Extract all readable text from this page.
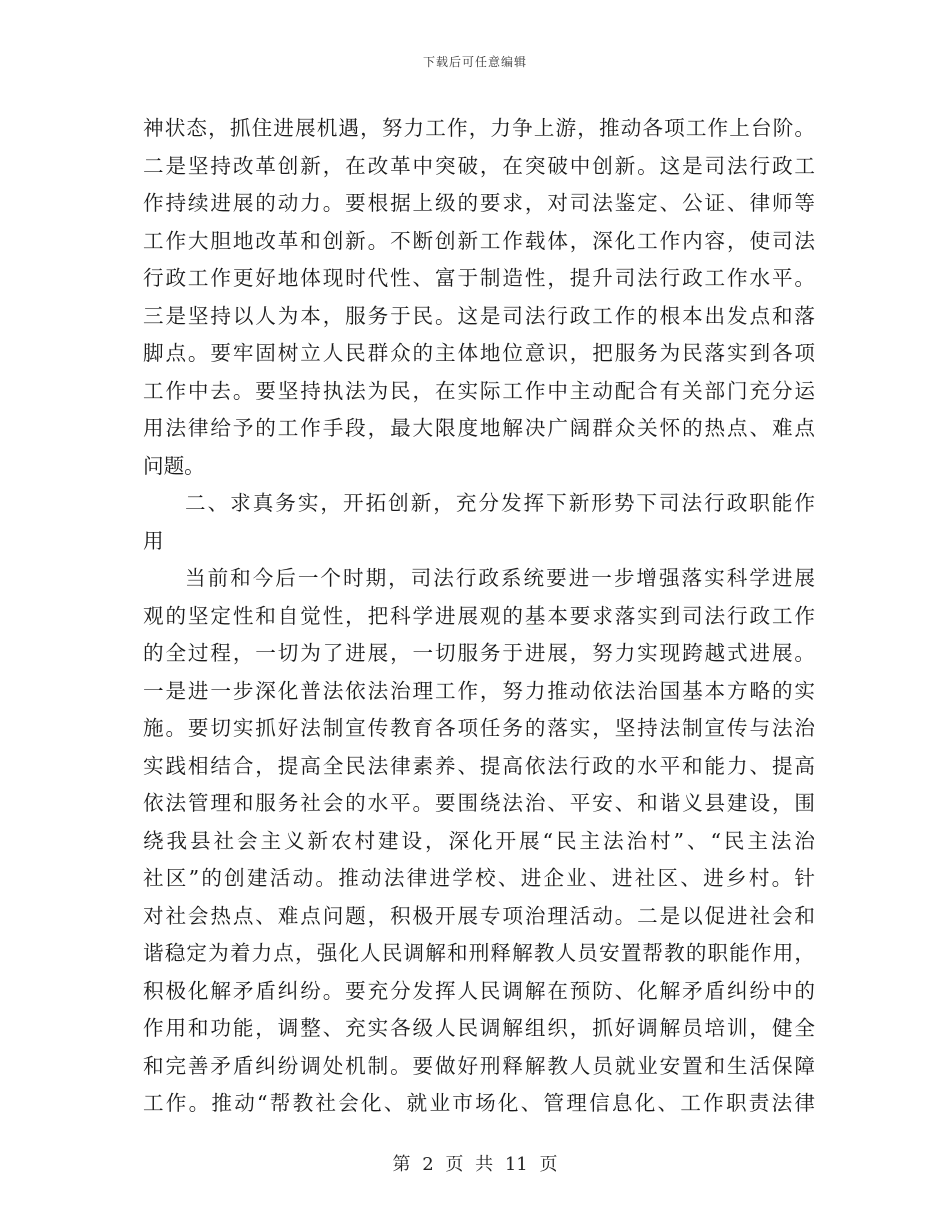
下载后可任意编辑
神状态，抓住进展机遇，努力工作，力争上游，推动各项工作上台阶。
二是坚持改革创新，在改革中突破，在突破中创新。这是司法行政工
作持续进展的动力。要根据上级的要求，对司法鉴定、公证、律师等
工作大胆地改革和创新。不断创新工作载体，深化工作内容，使司法
行政工作更好地体现时代性、富于制造性，提升司法行政工作水平。
三是坚持以人为本，服务于民。这是司法行政工作的根本出发点和落
脚点。要牢固树立人民群众的主体地位意识，把服务为民落实到各项
工作中去。要坚持执法为民，在实际工作中主动配合有关部门充分运
用法律给予的工作手段，最大限度地解决广阔群众关怀的热点、难点
问题。
二、求真务实，开拓创新，充分发挥下新形势下司法行政职能作
用
当前和今后一个时期，司法行政系统要进一步增强落实科学进展
观的坚定性和自觉性，把科学进展观的基本要求落实到司法行政工作
的全过程，一切为了进展，一切服务于进展，努力实现跨越式进展。
一是进一步深化普法依法治理工作，努力推动依法治国基本方略的实
施。要切实抓好法制宣传教育各项任务的落实，坚持法制宣传与法治
实践相结合，提高全民法律素养、提高依法行政的水平和能力、提高
依法管理和服务社会的水平。要围绕法治、平安、和谐义县建设，围
绕我县社会主义新农村建设，深化开展“民主法治村”、“民主法治
社区”的创建活动。推动法律进学校、进企业、进社区、进乡村。针
对社会热点、难点问题，积极开展专项治理活动。二是以促进社会和
谐稳定为着力点，强化人民调解和刑释解教人员安置帮教的职能作用，
积极化解矛盾纠纷。要充分发挥人民调解在预防、化解矛盾纠纷中的
作用和功能，调整、充实各级人民调解组织，抓好调解员培训，健全
和完善矛盾纠纷调处机制。要做好刑释解教人员就业安置和生活保障
工作。推动“帮教社会化、就业市场化、管理信息化、工作职责法律
第 2 页 共 11 页
